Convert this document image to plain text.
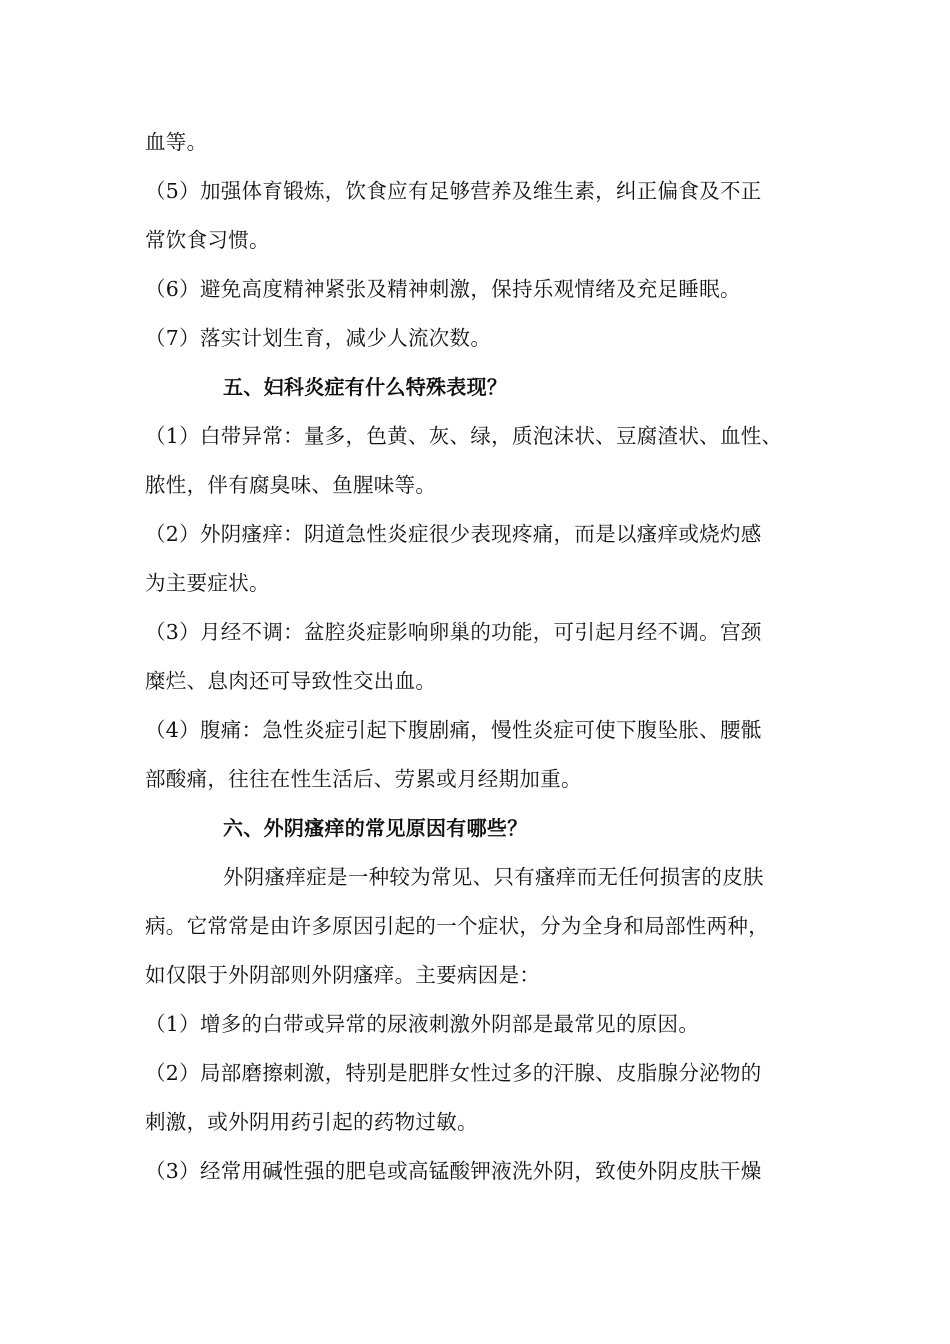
血等。
（5）加强体育锻炼，饮食应有足够营养及维生素，纠正偏食及不正
常饮食习惯。
（6）避免高度精神紧张及精神刺激，保持乐观情绪及充足睡眠。
（7）落实计划生育，减少人流次数。
五、妇科炎症有什么特殊表现？
（1）白带异常：量多，色黄、灰、绿，质泡沫状、豆腐渣状、血性、
脓性，伴有腐臭味、鱼腥味等。
（2）外阴瘙痒：阴道急性炎症很少表现疼痛，而是以瘙痒或烧灼感
为主要症状。
（3）月经不调：盆腔炎症影响卵巢的功能，可引起月经不调。宫颈
糜烂、息肉还可导致性交出血。
（4）腹痛：急性炎症引起下腹剧痛，慢性炎症可使下腹坠胀、腰骶
部酸痛，往往在性生活后、劳累或月经期加重。
六、外阴瘙痒的常见原因有哪些？
外阴瘙痒症是一种较为常见、只有瘙痒而无任何损害的皮肤
病。它常常是由许多原因引起的一个症状，分为全身和局部性两种，
如仅限于外阴部则外阴瘙痒。主要病因是：
（1）增多的白带或异常的尿液刺激外阴部是最常见的原因。
（2）局部磨擦刺激，特别是肥胖女性过多的汗腺、皮脂腺分泌物的
刺激，或外阴用药引起的药物过敏。
（3）经常用碱性强的肥皂或高锰酸钾液洗外阴，致使外阴皮肤干燥
